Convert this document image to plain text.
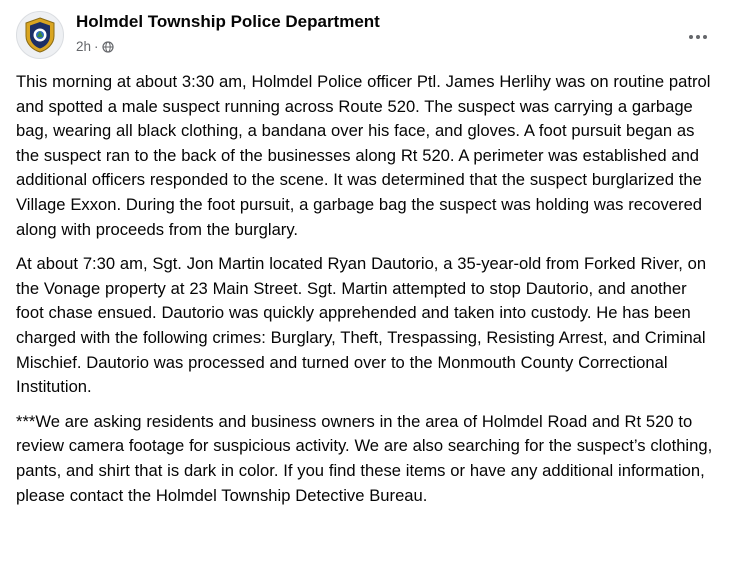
Holmdel Township Police Department
2h ·

This morning at about 3:30 am, Holmdel Police officer Ptl. James Herlihy was on routine patrol and spotted a male suspect running across Route 520. The suspect was carrying a garbage bag, wearing all black clothing, a bandana over his face, and gloves. A foot pursuit began as the suspect ran to the back of the businesses along Rt 520. A perimeter was established and additional officers responded to the scene. It was determined that the suspect burglarized the Village Exxon. During the foot pursuit, a garbage bag the suspect was holding was recovered along with proceeds from the burglary.

At about 7:30 am, Sgt. Jon Martin located Ryan Dautorio, a 35-year-old from Forked River, on the Vonage property at 23 Main Street. Sgt. Martin attempted to stop Dautorio, and another foot chase ensued. Dautorio was quickly apprehended and taken into custody. He has been charged with the following crimes: Burglary, Theft, Trespassing, Resisting Arrest, and Criminal Mischief. Dautorio was processed and turned over to the Monmouth County Correctional Institution.

***We are asking residents and business owners in the area of Holmdel Road and Rt 520 to review camera footage for suspicious activity. We are also searching for the suspect’s clothing, pants, and shirt that is dark in color. If you find these items or have any additional information, please contact the Holmdel Township Detective Bureau.
